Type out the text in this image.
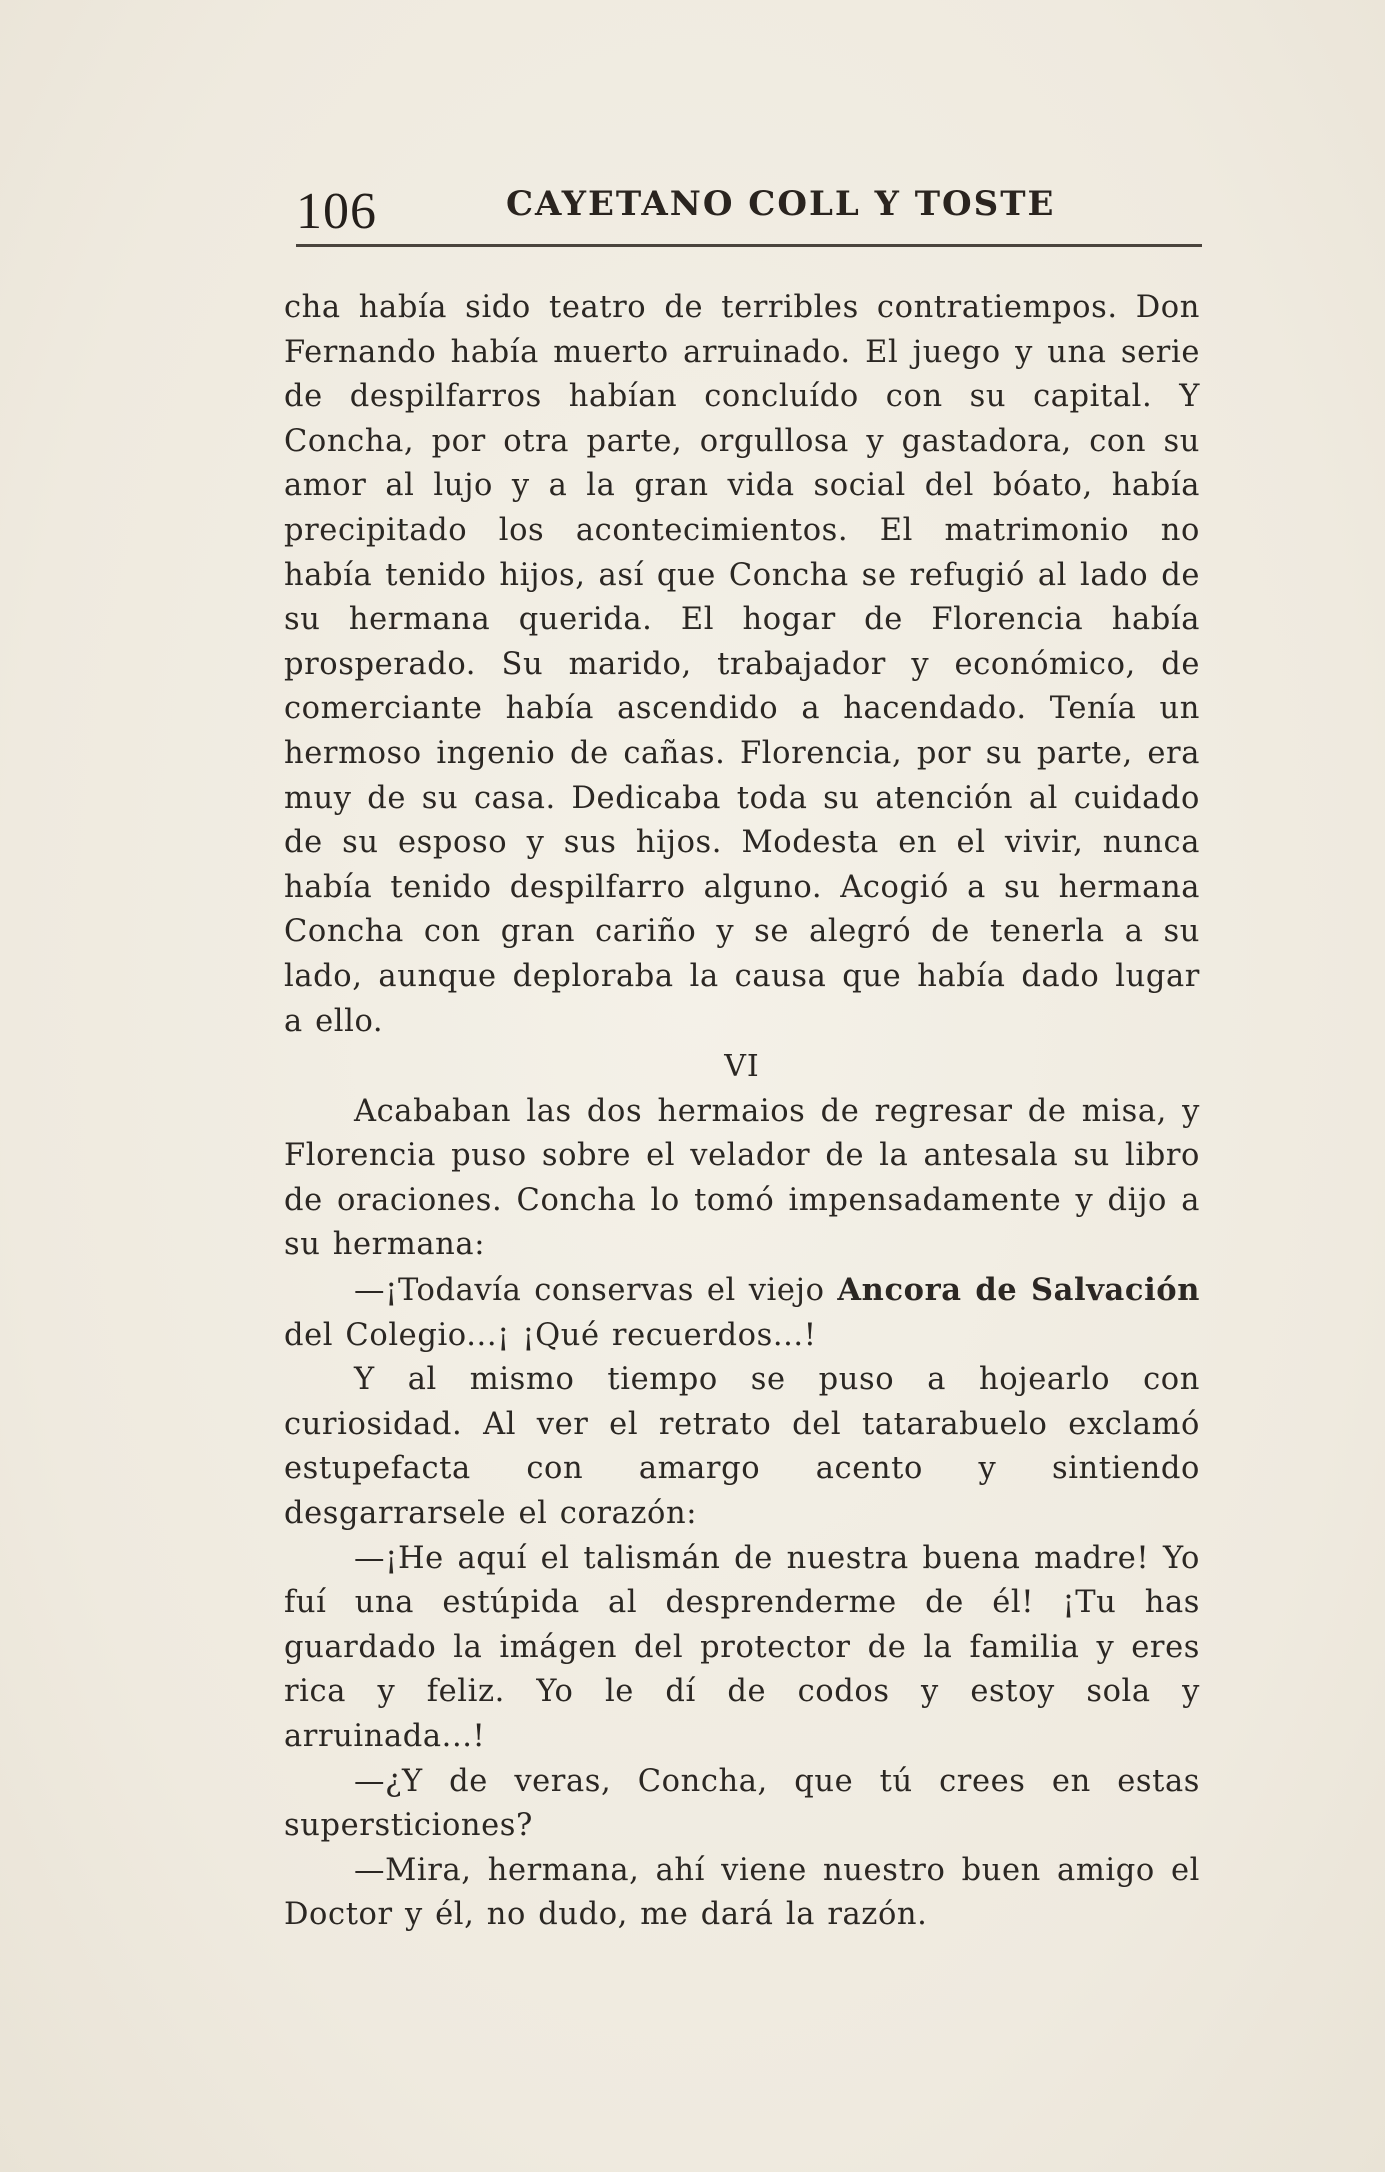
106	CAYETANO COLL Y TOSTE

cha había sido teatro de terribles contratiempos. Don Fernando había muerto arruinado. El juego y una serie de despilfarros habían concluído con su capital. Y Concha, por otra parte, orgullosa y gastadora, con su amor al lujo y a la gran vida social del bóato, había precipitado los acontecimientos. El matrimonio no había tenido hijos, así que Concha se refugió al lado de su hermana querida. El hogar de Florencia había prosperado. Su marido, trabajador y económico, de comerciante había ascendido a hacendado. Tenía un hermoso ingenio de cañas. Florencia, por su parte, era muy de su casa. Dedicaba toda su atención al cuidado de su esposo y sus hijos. Modesta en el vivir, nunca había tenido despilfarro alguno. Acogió a su hermana Concha con gran cariño y se alegró de tenerla a su lado, aunque deploraba la causa que había dado lugar a ello.

VI

Acababan las dos hermaios de regresar de misa, y Florencia puso sobre el velador de la antesala su libro de oraciones. Concha lo tomó impensadamente y dijo a su hermana:

—¡Todavía conservas el viejo Ancora de Salvación del Colegio...¡ ¡Qué recuerdos...!

Y al mismo tiempo se puso a hojearlo con curiosidad. Al ver el retrato del tatarabuelo exclamó estupefacta con amargo acento y sintiendo desgarrarsele el corazón:

—¡He aquí el talismán de nuestra buena madre! Yo fuí una estúpida al desprenderme de él! ¡Tu has guardado la imágen del protector de la familia y eres rica y feliz. Yo le dí de codos y estoy sola y arruinada...!

—¿Y de veras, Concha, que tú crees en estas supersticiones?

—Mira, hermana, ahí viene nuestro buen amigo el Doctor y él, no dudo, me dará la razón.
